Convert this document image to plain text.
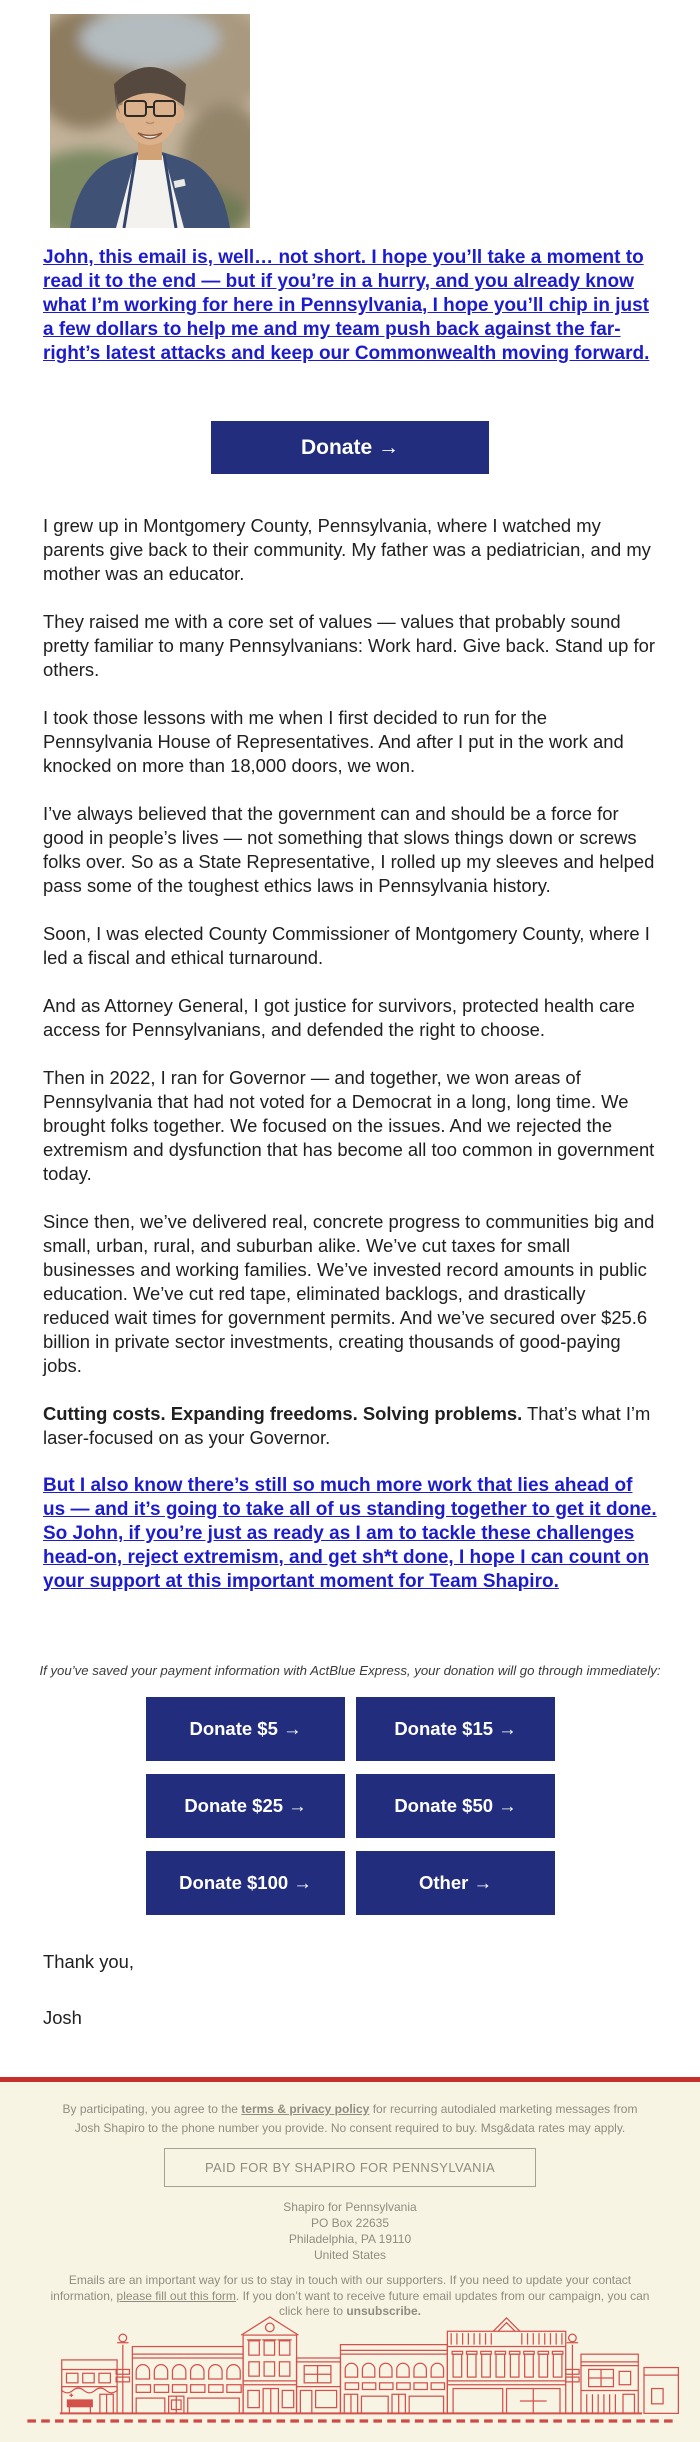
John, this email is, well… not short. I hope you’ll take a moment to read it to the end — but if you’re in a hurry, and you already know what I’m working for here in Pennsylvania, I hope you’ll chip in just a few dollars to help me and my team push back against the far-right’s latest attacks and keep our Commonwealth moving forward.
Donate →

I grew up in Montgomery County, Pennsylvania, where I watched my parents give back to their community. My father was a pediatrician, and my mother was an educator.

They raised me with a core set of values — values that probably sound pretty familiar to many Pennsylvanians: Work hard. Give back. Stand up for others.

I took those lessons with me when I first decided to run for the Pennsylvania House of Representatives. And after I put in the work and knocked on more than 18,000 doors, we won.

I’ve always believed that the government can and should be a force for good in people’s lives — not something that slows things down or screws folks over. So as a State Representative, I rolled up my sleeves and helped pass some of the toughest ethics laws in Pennsylvania history.

Soon, I was elected County Commissioner of Montgomery County, where I led a fiscal and ethical turnaround.

And as Attorney General, I got justice for survivors, protected health care access for Pennsylvanians, and defended the right to choose.

Then in 2022, I ran for Governor — and together, we won areas of Pennsylvania that had not voted for a Democrat in a long, long time. We brought folks together. We focused on the issues. And we rejected the extremism and dysfunction that has become all too common in government today.

Since then, we’ve delivered real, concrete progress to communities big and small, urban, rural, and suburban alike. We’ve cut taxes for small businesses and working families. We’ve invested record amounts in public education. We’ve cut red tape, eliminated backlogs, and drastically reduced wait times for government permits. And we’ve secured over $25.6 billion in private sector investments, creating thousands of good-paying jobs.

Cutting costs. Expanding freedoms. Solving problems. That’s what I’m laser-focused on as your Governor.

But I also know there’s still so much more work that lies ahead of us — and it’s going to take all of us standing together to get it done. So John, if you’re just as ready as I am to tackle these challenges head-on, reject extremism, and get sh*t done, I hope I can count on your support at this important moment for Team Shapiro.
If you’ve saved your payment information with ActBlue Express, your donation will go through immediately:
Donate $5 →	Donate $15 →
Donate $25 →	Donate $50 →
Donate $100 →	Other →
Thank you,
Josh
By participating, you agree to the terms & privacy policy for recurring autodialed marketing messages from Josh Shapiro to the phone number you provide. No consent required to buy. Msg&data rates may apply.
PAID FOR BY SHAPIRO FOR PENNSYLVANIA
Shapiro for Pennsylvania
PO Box 22635
Philadelphia, PA 19110
United States
Emails are an important way for us to stay in touch with our supporters. If you need to update your contact information, please fill out this form. If you don’t want to receive future email updates from our campaign, you can click here to unsubscribe.
